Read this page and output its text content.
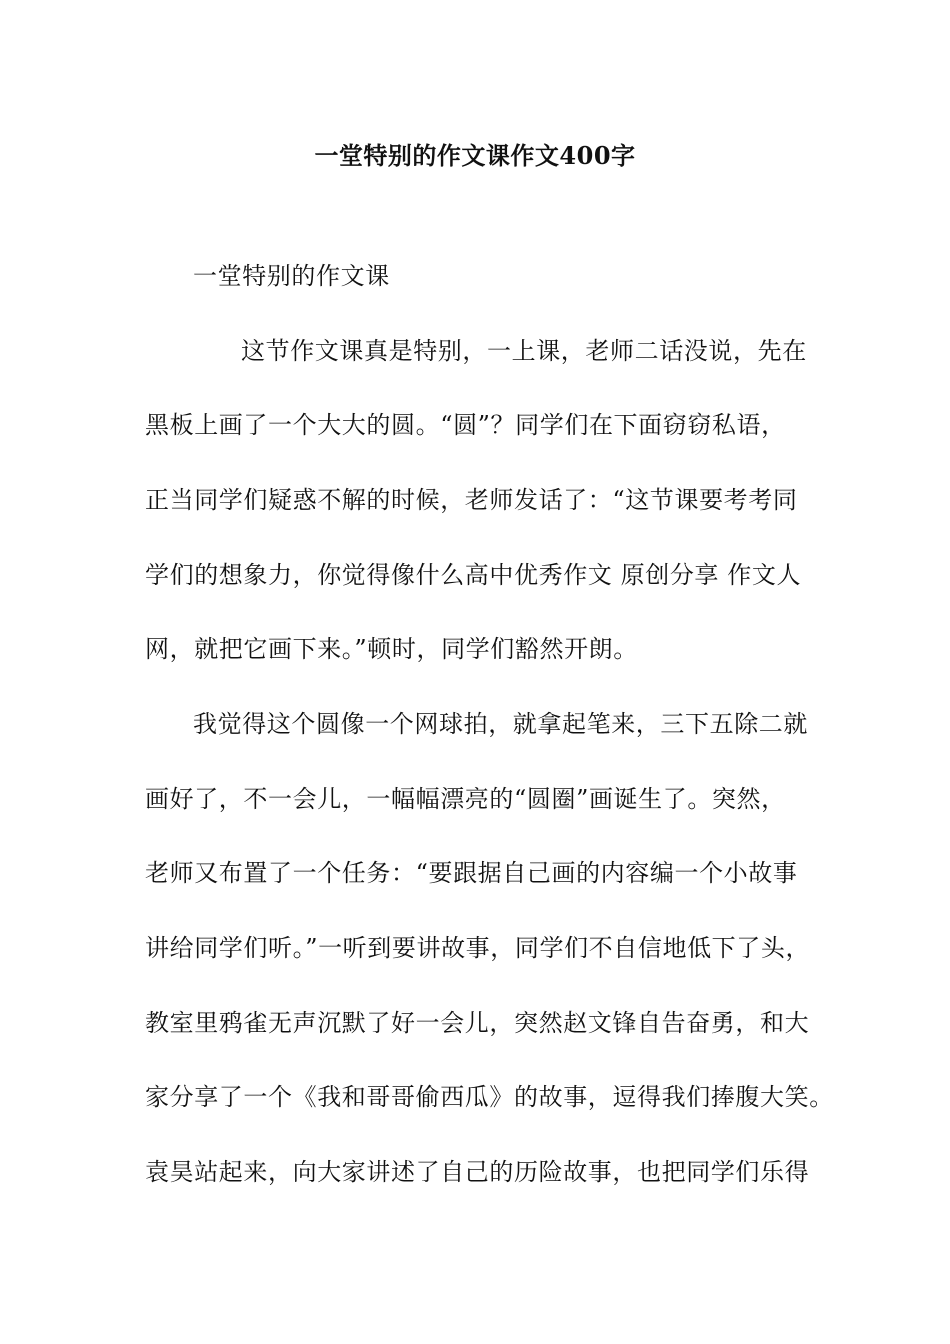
一堂特别的作文课作文400字
一堂特别的作文课
这节作文课真是特别，一上课，老师二话没说，先在
黑板上画了一个大大的圆。“圆”？同学们在下面窃窃私语，
正当同学们疑惑不解的时候，老师发话了：“这节课要考考同
学们的想象力，你觉得像什么高中优秀作文 原创分享 作文人
网，就把它画下来。”顿时，同学们豁然开朗。
我觉得这个圆像一个网球拍，就拿起笔来，三下五除二就
画好了，不一会儿，一幅幅漂亮的“圆圈”画诞生了。突然，
老师又布置了一个任务：“要跟据自己画的内容编一个小故事
讲给同学们听。”一听到要讲故事，同学们不自信地低下了头，
教室里鸦雀无声沉默了好一会儿，突然赵文锋自告奋勇，和大
家分享了一个《我和哥哥偷西瓜》的故事，逗得我们捧腹大笑。
袁昊站起来，向大家讲述了自己的历险故事，也把同学们乐得
